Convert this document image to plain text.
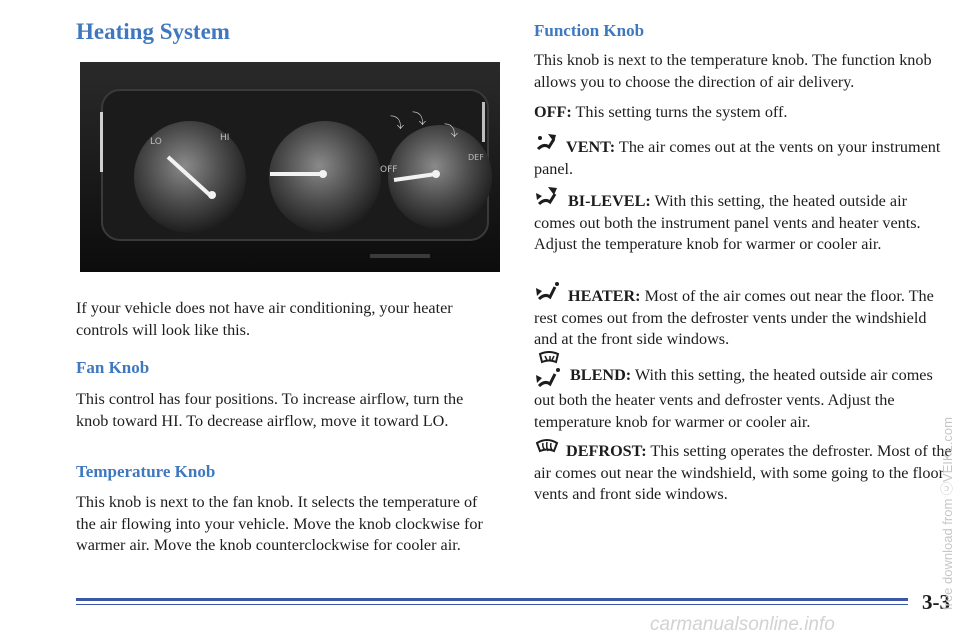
Heating System
LO	HI
OFF
DEF
⤵ ⤵
⤵

If your vehicle does not have air conditioning, your heater controls will look like this.

Fan Knob

This control has four positions. To increase airflow, turn the knob toward HI. To decrease airflow, move it toward LO.

Temperature Knob

This knob is next to the fan knob. It selects the temperature of the air flowing into your vehicle. Move the knob clockwise for warmer air. Move the knob counterclockwise for cooler air.

Function Knob

This knob is next to the temperature knob. The function knob allows you to choose the direction of air delivery.

OFF: This setting turns the system off.

VENT: The air comes out at the vents on your instrument panel.

BI-LEVEL: With this setting, the heated outside air comes out both the instrument panel vents and heater vents. Adjust the temperature knob for warmer or cooler air.

HEATER: Most of the air comes out near the floor. The rest comes out from the defroster vents under the windshield and at the front side windows.

BLEND: With this setting, the heated outside air comes out both the heater vents and defroster vents. Adjust the temperature knob for warmer or cooler air.

DEFROST: This setting operates the defroster. Most of the air comes out near the windshield, with some going to the floor vents and front side windows.

3-3
free download from ⓒVEIKL.com
carmanualsonline.info
